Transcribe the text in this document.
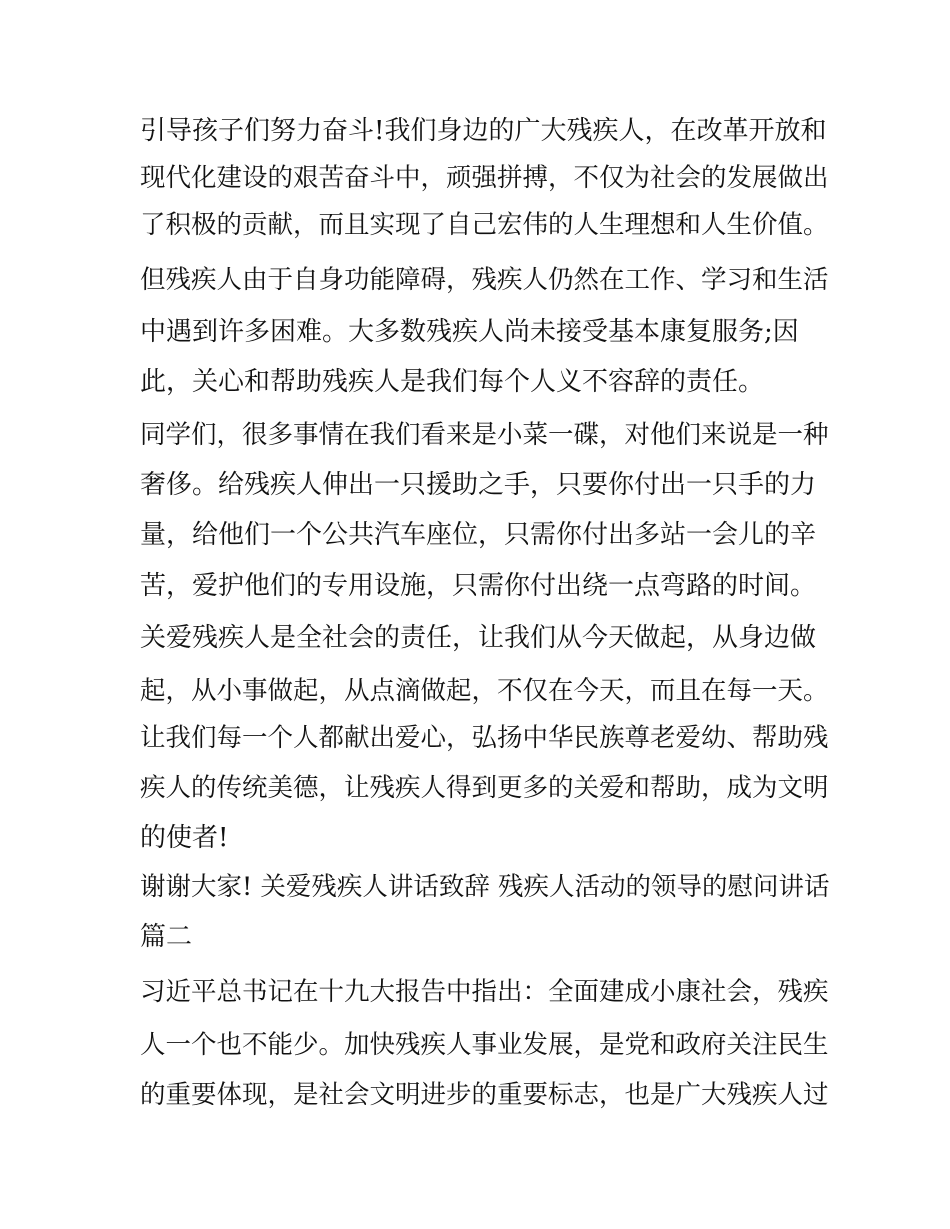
引导孩子们努力奋斗!我们身边的广大残疾人，在改革开放和
现代化建设的艰苦奋斗中，顽强拼搏，不仅为社会的发展做出
了积极的贡献，而且实现了自己宏伟的人生理想和人生价值。
但残疾人由于自身功能障碍，残疾人仍然在工作、学习和生活
中遇到许多困难。大多数残疾人尚未接受基本康复服务;因
此，关心和帮助残疾人是我们每个人义不容辞的责任。
同学们，很多事情在我们看来是小菜一碟，对他们来说是一种
奢侈。给残疾人伸出一只援助之手，只要你付出一只手的力
量，给他们一个公共汽车座位，只需你付出多站一会儿的辛
苦，爱护他们的专用设施，只需你付出绕一点弯路的时间。
关爱残疾人是全社会的责任，让我们从今天做起，从身边做
起，从小事做起，从点滴做起，不仅在今天，而且在每一天。
让我们每一个人都献出爱心，弘扬中华民族尊老爱幼、帮助残
疾人的传统美德，让残疾人得到更多的关爱和帮助，成为文明
的使者!
谢谢大家! 关爱残疾人讲话致辞 残疾人活动的领导的慰问讲话
篇二
习近平总书记在十九大报告中指出：全面建成小康社会，残疾
人一个也不能少。加快残疾人事业发展，是党和政府关注民生
的重要体现，是社会文明进步的重要标志，也是广大残疾人过
